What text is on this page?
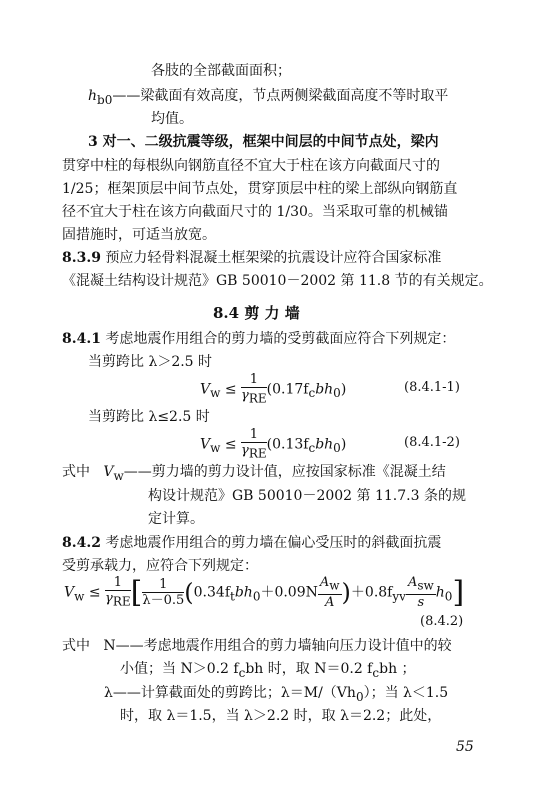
各肢的全部截面面积；
$h_{b0}——$梁截面有效高度，节点两侧梁截面高度不等时取平
均值。
3 对一、二级抗震等级，框架中间层的中间节点处，梁内
贯穿中柱的每根纵向钢筋直径不宜大于柱在该方向截面尺寸的
1/25；框架顶层中间节点处，贯穿顶层中柱的梁上部纵向钢筋直
径不宜大于柱在该方向截面尺寸的 1/30。当采取可靠的机械锚
固措施时，可适当放宽。
8.3.9 预应力轻骨料混凝土框架梁的抗震设计应符合国家标准
《混凝土结构设计规范》GB 50010－2002 第 11.8 节的有关规定。
8.4 剪 力 墙
8.4.1 考虑地震作用组合的剪力墙的受剪截面应符合下列规定：
当剪跨比 λ＞2.5 时
$V_w \le \frac{1}{\gamma_{RE}} (0.17f_cbh_0)$	(8.4.1-1)
当剪跨比 λ≤2.5 时
$V_w \le \frac{1}{\gamma_{RE}} (0.13f_cbh_0)$	(8.4.1-2)
式中 $V_w——$剪力墙的剪力设计值，应按国家标准《混凝土结
构设计规范》GB 50010－2002 第 11.7.3 条的规
定计算。
8.4.2 考虑地震作用组合的剪力墙在偏心受压时的斜截面抗震
受剪承载力，应符合下列规定：
$V_w \le \frac{1}{\gamma_{RE}}$ [ $\frac{1}{\lambda-0.5} (0.34f_tbh_0+0.09N \frac{A_w}{A} )+0.8f_{yv} \frac{A_{sw}}{s} h_0$]
(8.4.2)
式中 N——考虑地震作用组合的剪力墙轴向压力设计值中的较
小值；当 N＞0.2 $f_cbh$ 时，取 N＝0.2 $f_cbh$ ；
λ——计算截面处的剪跨比；$\lambda=M/(Vh_0)$；当 λ＜1.5
时，取 λ＝1.5，当 λ＞2.2 时，取 λ＝2.2；此处，
55
